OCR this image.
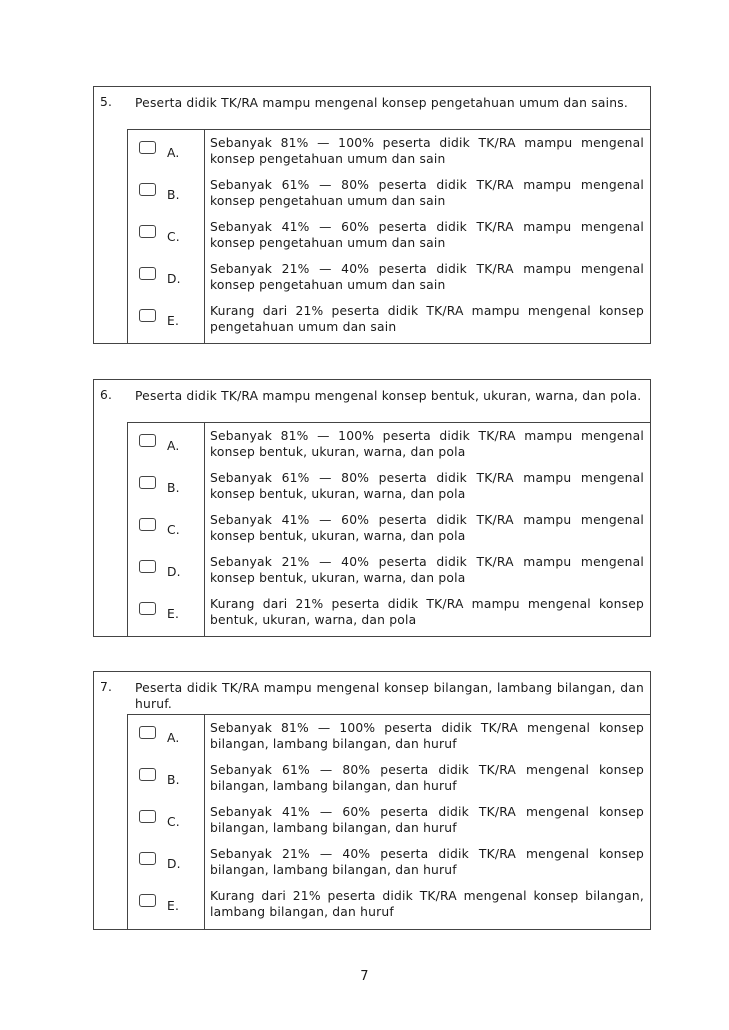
5. Peserta didik TK/RA mampu mengenal konsep pengetahuan umum dan sains.
A.
Sebanyak 81% — 100% peserta didik TK/RA mampu mengenal konsep pengetahuan umum dan sain
B.
Sebanyak 61% — 80% peserta didik TK/RA mampu mengenal konsep pengetahuan umum dan sain
C.
Sebanyak 41% — 60% peserta didik TK/RA mampu mengenal konsep pengetahuan umum dan sain
D.
Sebanyak 21% — 40% peserta didik TK/RA mampu mengenal konsep pengetahuan umum dan sain
E.
Kurang dari 21% peserta didik TK/RA mampu mengenal konsep pengetahuan umum dan sain
6. Peserta didik TK/RA mampu mengenal konsep bentuk, ukuran, warna, dan pola.
A.
Sebanyak 81% — 100% peserta didik TK/RA mampu mengenal konsep bentuk, ukuran, warna, dan pola
B.
Sebanyak 61% — 80% peserta didik TK/RA mampu mengenal konsep bentuk, ukuran, warna, dan pola
C.
Sebanyak 41% — 60% peserta didik TK/RA mampu mengenal konsep bentuk, ukuran, warna, dan pola
D.
Sebanyak 21% — 40% peserta didik TK/RA mampu mengenal konsep bentuk, ukuran, warna, dan pola
E.
Kurang dari 21% peserta didik TK/RA mampu mengenal konsep bentuk, ukuran, warna, dan pola
7. Peserta didik TK/RA mampu mengenal konsep bilangan, lambang bilangan, dan huruf.
A.
Sebanyak 81% — 100% peserta didik TK/RA mengenal konsep bilangan, lambang bilangan, dan huruf
B.
Sebanyak 61% — 80% peserta didik TK/RA mengenal konsep bilangan, lambang bilangan, dan huruf
C.
Sebanyak 41% — 60% peserta didik TK/RA mengenal konsep bilangan, lambang bilangan, dan huruf
D.
Sebanyak 21% — 40% peserta didik TK/RA mengenal konsep bilangan, lambang bilangan, dan huruf
E.
Kurang dari 21% peserta didik TK/RA mengenal konsep bilangan, lambang bilangan, dan huruf
7
